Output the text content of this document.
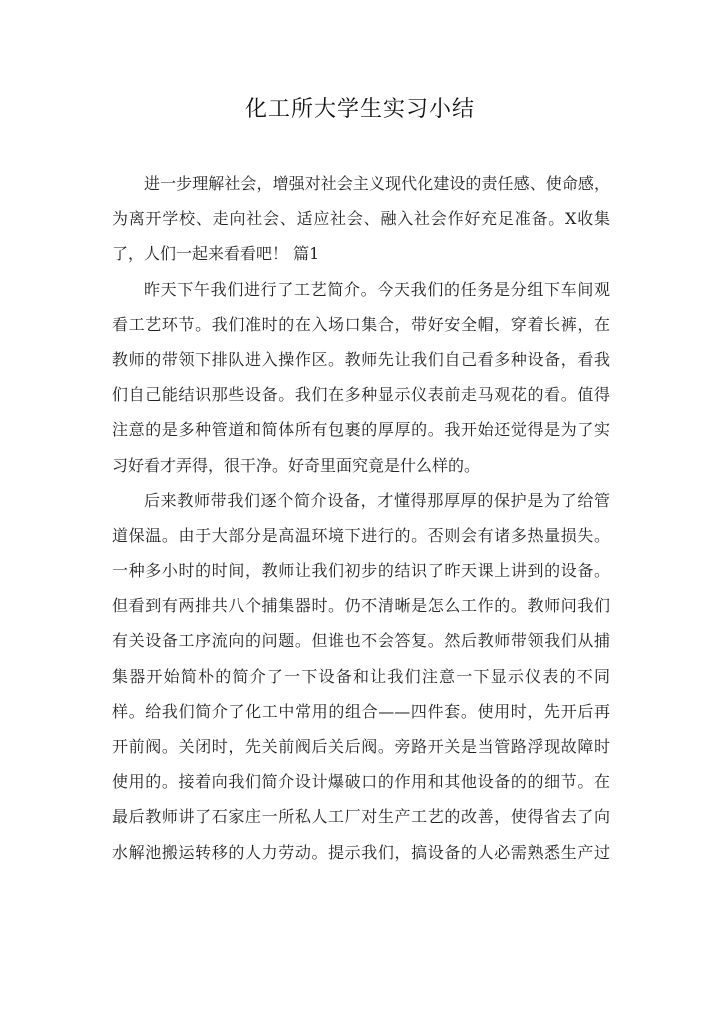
化工所大学生实习小结
进一步理解社会，增强对社会主义现代化建设的责任感、使命感，
为离开学校、走向社会、适应社会、融入社会作好充足准备。X收集
了，人们一起来看看吧！ 篇1
昨天下午我们进行了工艺简介。今天我们的任务是分组下车间观
看工艺环节。我们准时的在入场口集合，带好安全帽，穿着长裤，在
教师的带领下排队进入操作区。教师先让我们自己看多种设备，看我
们自己能结识那些设备。我们在多种显示仪表前走马观花的看。值得
注意的是多种管道和简体所有包裹的厚厚的。我开始还觉得是为了实
习好看才弄得，很干净。好奇里面究竟是什么样的。
后来教师带我们逐个简介设备，才懂得那厚厚的保护是为了给管
道保温。由于大部分是高温环境下进行的。否则会有诸多热量损失。
一种多小时的时间，教师让我们初步的结识了昨天课上讲到的设备。
但看到有两排共八个捕集器时。仍不清晰是怎么工作的。教师问我们
有关设备工序流向的问题。但谁也不会答复。然后教师带领我们从捕
集器开始简朴的简介了一下设备和让我们注意一下显示仪表的不同
样。给我们简介了化工中常用的组合——四件套。使用时，先开后再
开前阀。关闭时，先关前阀后关后阀。旁路开关是当管路浮现故障时
使用的。接着向我们简介设计爆破口的作用和其他设备的的细节。在
最后教师讲了石家庄一所私人工厂对生产工艺的改善，使得省去了向
水解池搬运转移的人力劳动。提示我们，搞设备的人必需熟悉生产过
